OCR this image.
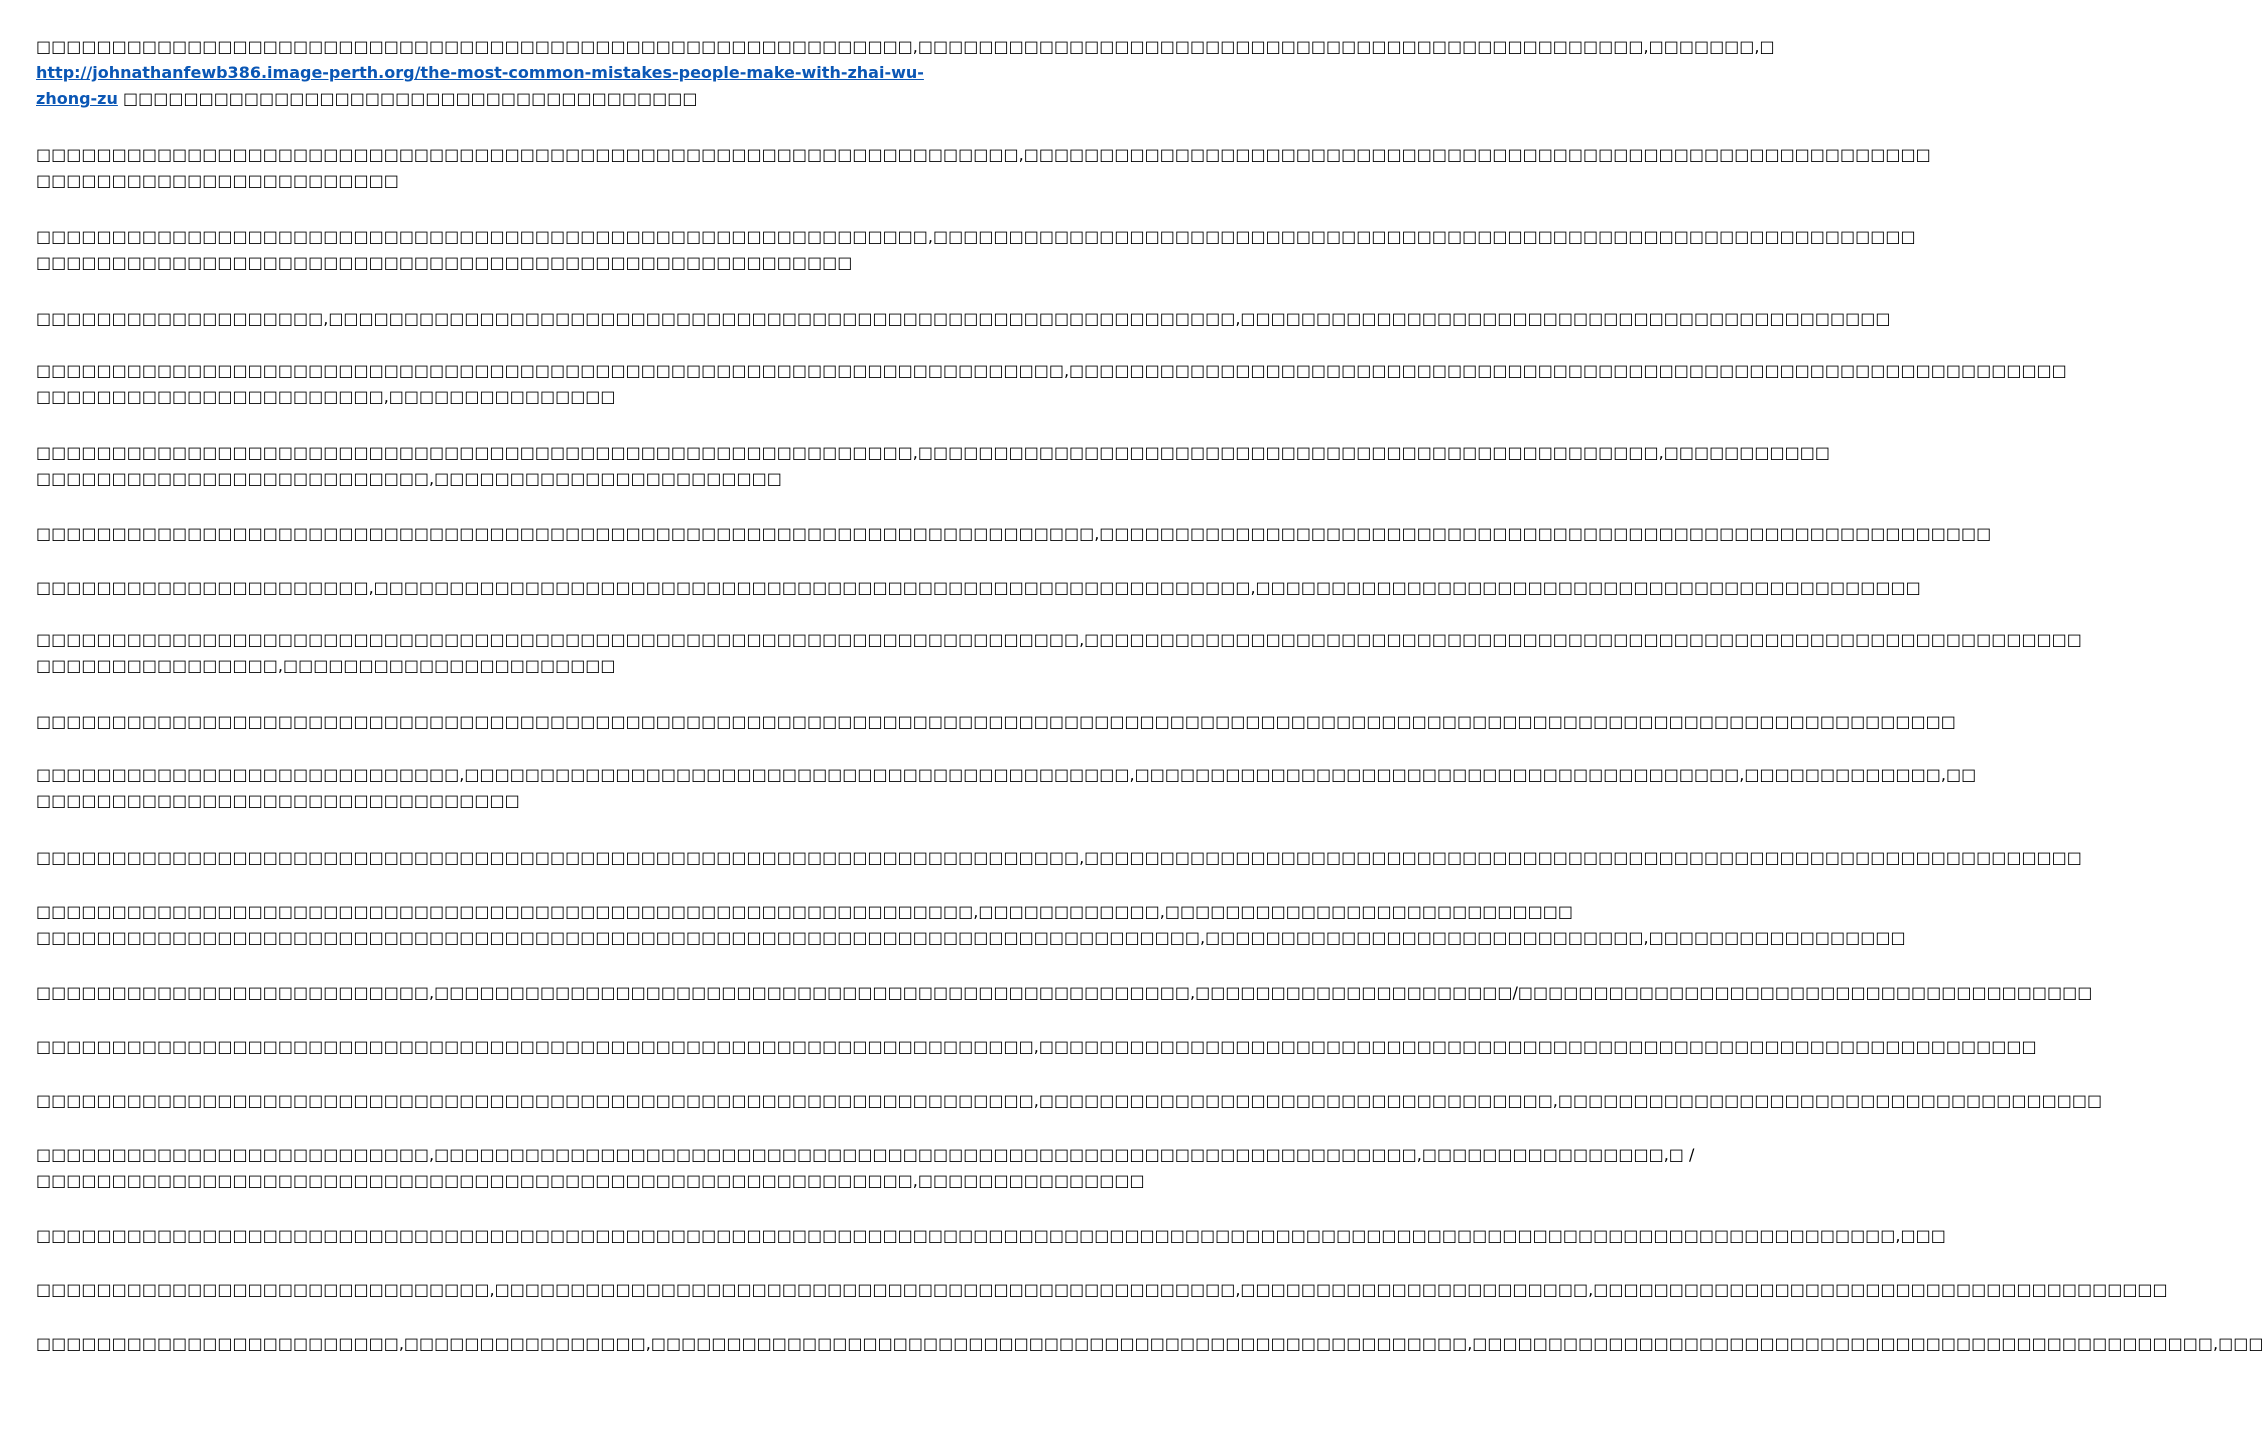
□□□□□□□□□□□□□□□□□□□□□□□□□□□□□□□□□□□□□□□□□□□□□□□□□□□□□□□□□□,□□□□□□□□□□□□□□□□□□□□□□□□□□□□□□□□□□□□□□□□□□□□□□□□,□□□□□□□,□
http://johnathanfewb386.image-perth.org/the-most-common-mistakes-people-make-with-zhai-wu-
zhong-zu □□□□□□□□□□□□□□□□□□□□□□□□□□□□□□□□□□□□□□
□□□□□□□□□□□□□□□□□□□□□□□□□□□□□□□□□□□□□□□□□□□□□□□□□□□□□□□□□□□□□□□□□,□□□□□□□□□□□□□□□□□□□□□□□□□□□□□□□□□□□□□□□□□□□□□□□□□□□□□□□□□□□□
□□□□□□□□□□□□□□□□□□□□□□□□
□□□□□□□□□□□□□□□□□□□□□□□□□□□□□□□□□□□□□□□□□□□□□□□□□□□□□□□□□□□,□□□□□□□□□□□□□□□□□□□□□□□□□□□□□□□□□□□□□□□□□□□□□□□□□□□□□□□□□□□□□□□□□
□□□□□□□□□□□□□□□□□□□□□□□□□□□□□□□□□□□□□□□□□□□□□□□□□□□□□□
□□□□□□□□□□□□□□□□□□□,□□□□□□□□□□□□□□□□□□□□□□□□□□□□□□□□□□□□□□□□□□□□□□□□□□□□□□□□□□□□,□□□□□□□□□□□□□□□□□□□□□□□□□□□□□□□□□□□□□□□□□□□
□□□□□□□□□□□□□□□□□□□□□□□□□□□□□□□□□□□□□□□□□□□□□□□□□□□□□□□□□□□□□□□□□□□□,□□□□□□□□□□□□□□□□□□□□□□□□□□□□□□□□□□□□□□□□□□□□□□□□□□□□□□□□□□□□□□□□□□
□□□□□□□□□□□□□□□□□□□□□□□,□□□□□□□□□□□□□□□
□□□□□□□□□□□□□□□□□□□□□□□□□□□□□□□□□□□□□□□□□□□□□□□□□□□□□□□□□□,□□□□□□□□□□□□□□□□□□□□□□□□□□□□□□□□□□□□□□□□□□□□□□□□□,□□□□□□□□□□□
□□□□□□□□□□□□□□□□□□□□□□□□□□,□□□□□□□□□□□□□□□□□□□□□□□
□□□□□□□□□□□□□□□□□□□□□□□□□□□□□□□□□□□□□□□□□□□□□□□□□□□□□□□□□□□□□□□□□□□□□□,□□□□□□□□□□□□□□□□□□□□□□□□□□□□□□□□□□□□□□□□□□□□□□□□□□□□□□□□□□□
□□□□□□□□□□□□□□□□□□□□□□,□□□□□□□□□□□□□□□□□□□□□□□□□□□□□□□□□□□□□□□□□□□□□□□□□□□□□□□□□□,□□□□□□□□□□□□□□□□□□□□□□□□□□□□□□□□□□□□□□□□□□□□
□□□□□□□□□□□□□□□□□□□□□□□□□□□□□□□□□□□□□□□□□□□□□□□□□□□□□□□□□□□□□□□□□□□□□,□□□□□□□□□□□□□□□□□□□□□□□□□□□□□□□□□□□□□□□□□□□□□□□□□□□□□□□□□□□□□□□□□□
□□□□□□□□□□□□□□□□,□□□□□□□□□□□□□□□□□□□□□□
□□□□□□□□□□□□□□□□□□□□□□□□□□□□□□□□□□□□□□□□□□□□□□□□□□□□□□□□□□□□□□□□□□□□□□□□□□□□□□□□□□□□□□□□□□□□□□□□□□□□□□□□□□□□□□□□□□□□□□□□□□□□□□□
□□□□□□□□□□□□□□□□□□□□□□□□□□□□,□□□□□□□□□□□□□□□□□□□□□□□□□□□□□□□□□□□□□□□□□□□□,□□□□□□□□□□□□□□□□□□□□□□□□□□□□□□□□□□□□□□□□,□□□□□□□□□□□□□,□□
□□□□□□□□□□□□□□□□□□□□□□□□□□□□□□□□
□□□□□□□□□□□□□□□□□□□□□□□□□□□□□□□□□□□□□□□□□□□□□□□□□□□□□□□□□□□□□□□□□□□□□,□□□□□□□□□□□□□□□□□□□□□□□□□□□□□□□□□□□□□□□□□□□□□□□□□□□□□□□□□□□□□□□□□□
□□□□□□□□□□□□□□□□□□□□□□□□□□□□□□□□□□□□□□□□□□□□□□□□□□□□□□□□□□□□□□,□□□□□□□□□□□□,□□□□□□□□□□□□□□□□□□□□□□□□□□□
□□□□□□□□□□□□□□□□□□□□□□□□□□□□□□□□□□□□□□□□□□□□□□□□□□□□□□□□□□□□□□□□□□□□□□□□□□□□□,□□□□□□□□□□□□□□□□□□□□□□□□□□□□□,□□□□□□□□□□□□□□□□□
□□□□□□□□□□□□□□□□□□□□□□□□□□,□□□□□□□□□□□□□□□□□□□□□□□□□□□□□□□□□□□□□□□□□□□□□□□□□□,□□□□□□□□□□□□□□□□□□□□□/□□□□□□□□□□□□□□□□□□□□□□□□□□□□□□□□□□□□□□
□□□□□□□□□□□□□□□□□□□□□□□□□□□□□□□□□□□□□□□□□□□□□□□□□□□□□□□□□□□□□□□□□□,□□□□□□□□□□□□□□□□□□□□□□□□□□□□□□□□□□□□□□□□□□□□□□□□□□□□□□□□□□□□□□□□□□
□□□□□□□□□□□□□□□□□□□□□□□□□□□□□□□□□□□□□□□□□□□□□□□□□□□□□□□□□□□□□□□□□□,□□□□□□□□□□□□□□□□□□□□□□□□□□□□□□□□□□,□□□□□□□□□□□□□□□□□□□□□□□□□□□□□□□□□□□□
□□□□□□□□□□□□□□□□□□□□□□□□□□,□□□□□□□□□□□□□□□□□□□□□□□□□□□□□□□□□□□□□□□□□□□□□□□□□□□□□□□□□□□□□□□□□,□□□□□□□□□□□□□□□□,□ /
□□□□□□□□□□□□□□□□□□□□□□□□□□□□□□□□□□□□□□□□□□□□□□□□□□□□□□□□□□,□□□□□□□□□□□□□□□
□□□□□□□□□□□□□□□□□□□□□□□□□□□□□□□□□□□□□□□□□□□□□□□□□□□□□□□□□□□□□□□□□□□□□□□□□□□□□□□□□□□□□□□□□□□□□□□□□□□□□□□□□□□□□□□□□□□□□□□□□□□,□□□
□□□□□□□□□□□□□□□□□□□□□□□□□□□□□□,□□□□□□□□□□□□□□□□□□□□□□□□□□□□□□□□□□□□□□□□□□□□□□□□□,□□□□□□□□□□□□□□□□□□□□□□□,□□□□□□□□□□□□□□□□□□□□□□□□□□□□□□□□□□□□□□
□□□□□□□□□□□□□□□□□□□□□□□□,□□□□□□□□□□□□□□□□,□□□□□□□□□□□□□□□□□□□□□□□□□□□□□□□□□□□□□□□□□□□□□□□□□□□□□□,□□□□□□□□□□□□□□□□□□□□□□□□□□□□□□□□□□□□□□□□□□□□□□□□□,□□□
